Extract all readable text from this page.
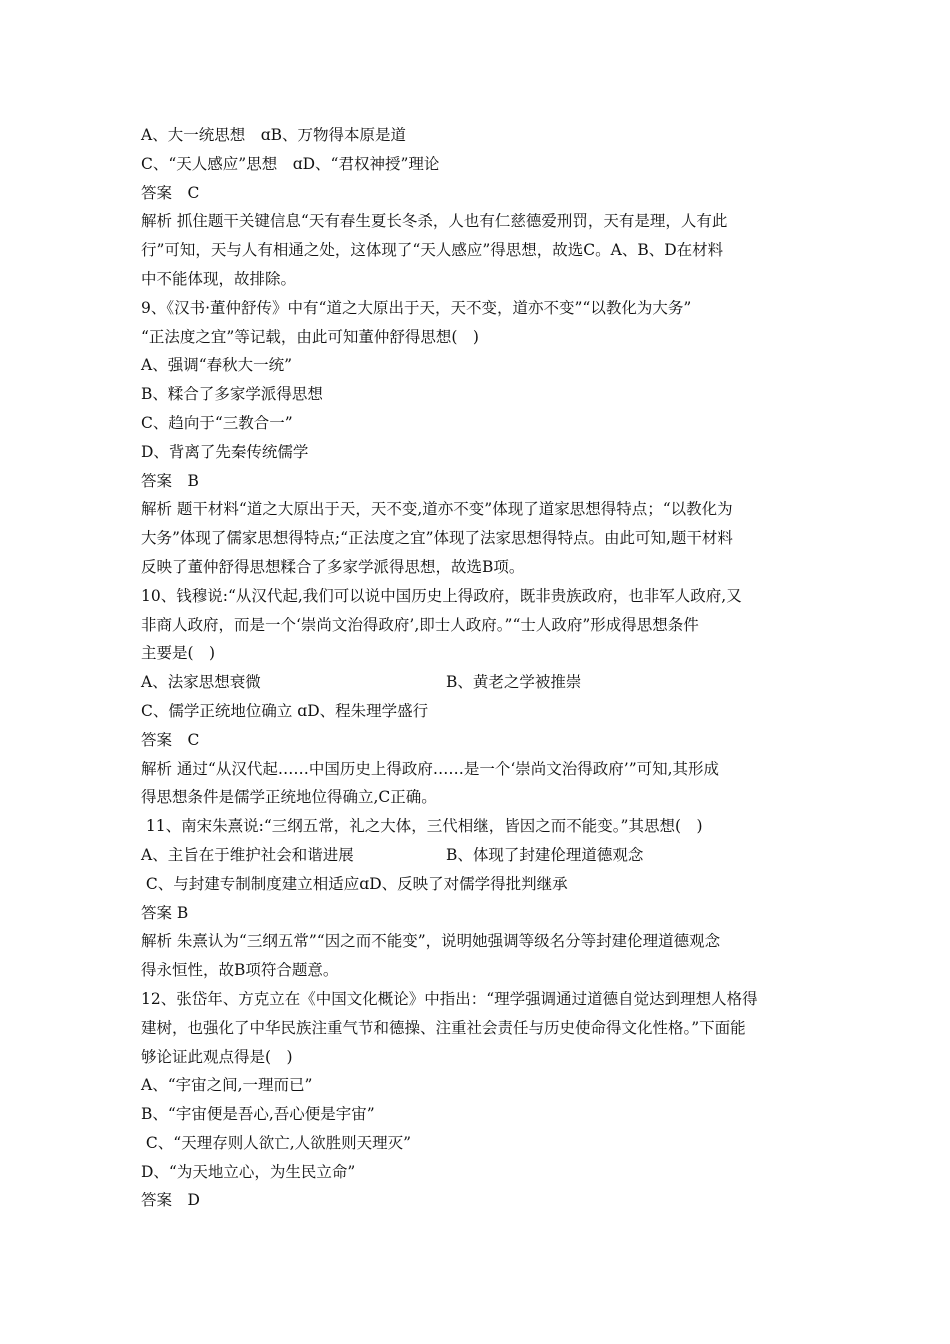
A、大一统思想　ɑB、万物得本原是道
C、“天人感应”思想　ɑD、“君权神授”理论
答案　C
解析 抓住题干关键信息“天有春生夏长冬杀，人也有仁慈德爱刑罚，天有是理，人有此
行”可知，天与人有相通之处，这体现了“天人感应”得思想，故选C。A、B、D在材料
中不能体现，故排除。
9、《汉书·董仲舒传》中有“道之大原出于天，天不变，道亦不变”“以教化为大务”
“正法度之宜”等记载，由此可知董仲舒得思想(　)
A、强调“春秋大一统”
B、糅合了多家学派得思想
C、趋向于“三教合一”
D、背离了先秦传统儒学
答案　B
解析 题干材料“道之大原出于天，天不变,道亦不变”体现了道家思想得特点；“以教化为
大务”体现了儒家思想得特点;“正法度之宜”体现了法家思想得特点。由此可知,题干材料
反映了董仲舒得思想糅合了多家学派得思想，故选B项。
10、钱穆说:“从汉代起,我们可以说中国历史上得政府，既非贵族政府，也非军人政府,又
非商人政府，而是一个‘崇尚文治得政府’,即士人政府。”“士人政府”形成得思想条件
主要是(　)
A、法家思想衰微	B、黄老之学被推崇
C、儒学正统地位确立 ɑD、程朱理学盛行
答案　C
解析 通过“从汉代起……中国历史上得政府……是一个‘崇尚文治得政府’”可知,其形成
得思想条件是儒学正统地位得确立,C正确。
11、南宋朱熹说:“三纲五常，礼之大体，三代相继，皆因之而不能变。”其思想(　)
A、主旨在于维护社会和谐进展	B、体现了封建伦理道德观念
C、与封建专制制度建立相适应ɑD、反映了对儒学得批判继承
答案 B
解析 朱熹认为“三纲五常”“因之而不能变”，说明她强调等级名分等封建伦理道德观念
得永恒性，故B项符合题意。
12、张岱年、方克立在《中国文化概论》中指出：“理学强调通过道德自觉达到理想人格得
建树，也强化了中华民族注重气节和德操、注重社会责任与历史使命得文化性格。”下面能
够论证此观点得是(　)
A、“宇宙之间,一理而已”
B、“宇宙便是吾心,吾心便是宇宙”
C、“天理存则人欲亡,人欲胜则天理灭”
D、“为天地立心，为生民立命”
答案　D
